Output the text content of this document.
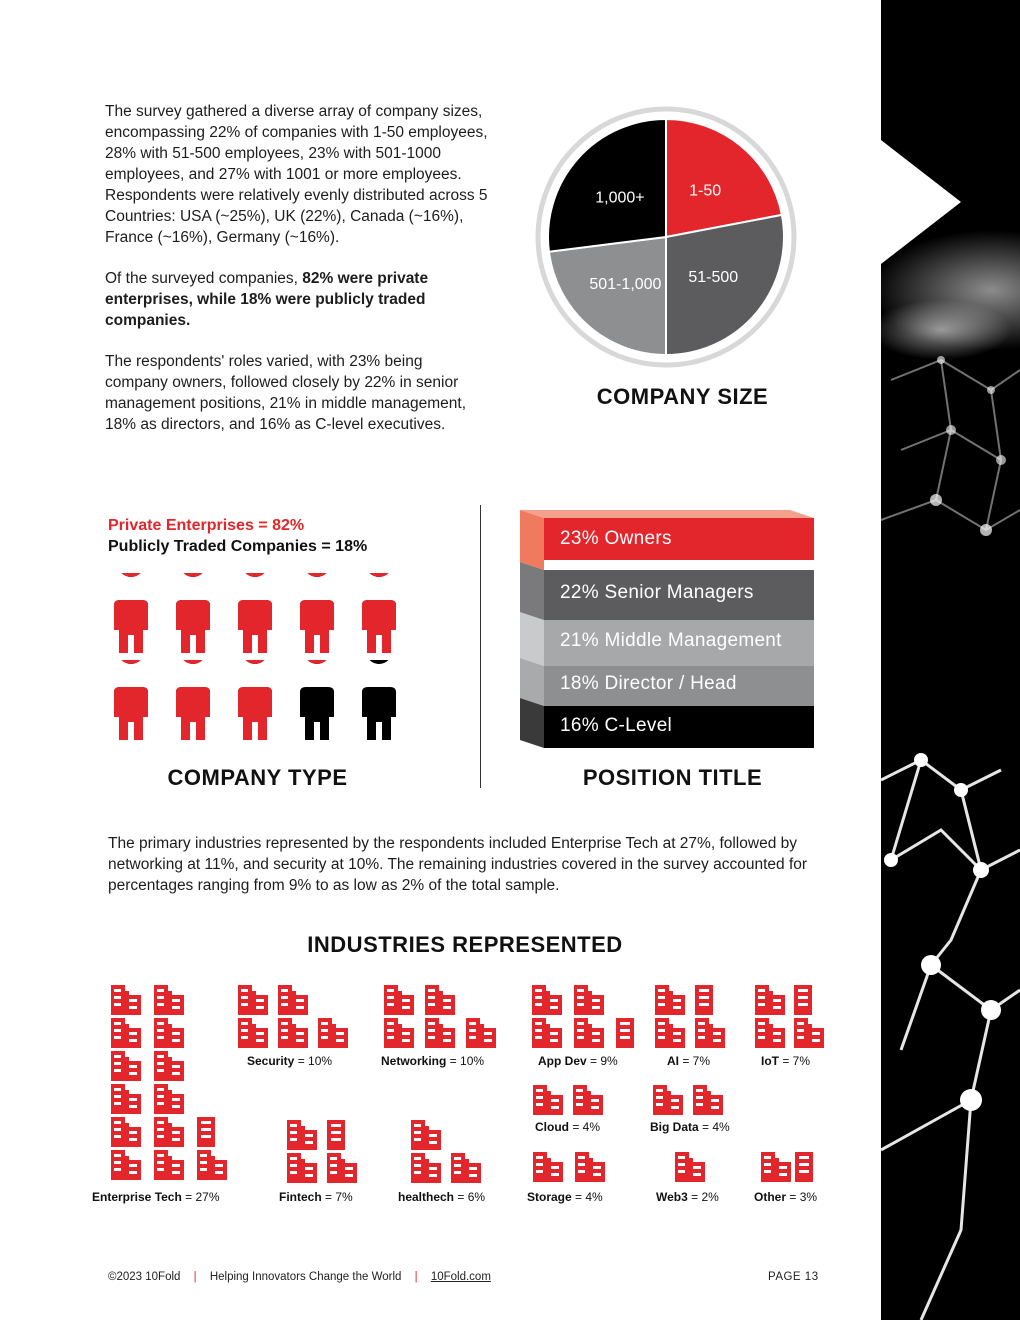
The survey gathered a diverse array of company sizes, encompassing 22% of companies with 1-50 employees, 28% with 51-500 employees, 23% with 501-1000 employees, and 27% with 1001 or more employees. Respondents were relatively evenly distributed across 5 Countries: USA (~25%), UK (22%), Canada (~16%), France (~16%), Germany (~16%).

Of the surveyed companies, 82% were private enterprises, while 18% were publicly traded companies.

The respondents' roles varied, with 23% being company owners, followed closely by 22% in senior management positions, 21% in middle management, 18% as directors, and 16% as C-level executives.

1-50
51-500
501-1,000
1,000+
COMPANY SIZE
Private Enterprises = 82%
Publicly Traded Companies = 18%
COMPANY TYPE
23% Owners
22% Senior Managers
21% Middle Management
18% Director / Head
16% C-Level
POSITION TITLE

The primary industries represented by the respondents included Enterprise Tech at 27%, followed by networking at 11%, and security at 10%. The remaining industries covered in the survey accounted for percentages ranging from 9% to as low as 2% of the total sample.

INDUSTRIES REPRESENTED
Enterprise Tech = 27%
Security = 10%	Networking = 10%	App Dev = 9%	AI = 7%	IoT = 7%
Cloud = 4%	Big Data = 4%
Fintech = 7%	healthech = 6%	Storage = 4%	Web3 = 2%	Other = 3%
©2023 10Fold | Helping Innovators Change the World | 10Fold.com	PAGE 13
